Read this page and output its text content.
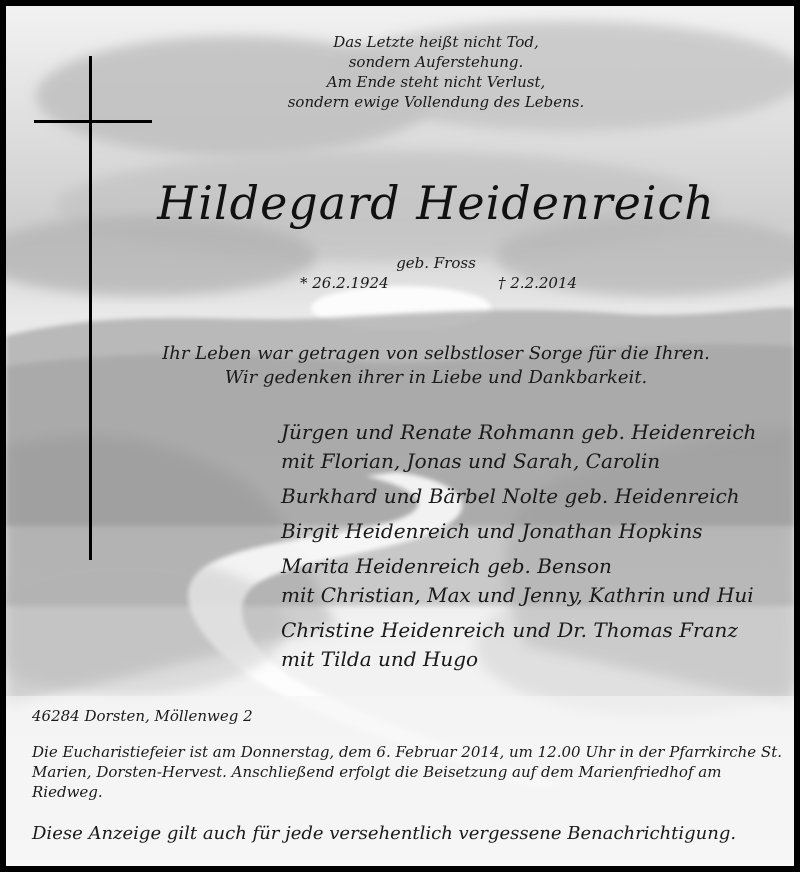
Das Letzte heißt nicht Tod,
sondern Auferstehung.
Am Ende steht nicht Verlust,
sondern ewige Vollendung des Lebens.
Hildegard Heidenreich
geb. Fross
* 26.2.1924	† 2.2.2014
Ihr Leben war getragen von selbstloser Sorge für die Ihren.
Wir gedenken ihrer in Liebe und Dankbarkeit.
Jürgen und Renate Rohmann geb. Heidenreich
mit Florian, Jonas und Sarah, Carolin
Burkhard und Bärbel Nolte geb. Heidenreich
Birgit Heidenreich und Jonathan Hopkins
Marita Heidenreich geb. Benson
mit Christian, Max und Jenny, Kathrin und Hui
Christine Heidenreich und Dr. Thomas Franz
mit Tilda und Hugo
46284 Dorsten, Möllenweg 2
Die Eucharistiefeier ist am Donnerstag, dem 6. Februar 2014, um 12.00 Uhr in der Pfarrkirche St. Marien, Dorsten-Hervest. Anschließend erfolgt die Beisetzung auf dem Marienfriedhof am Riedweg.
Diese Anzeige gilt auch für jede versehentlich vergessene Benachrichtigung.
